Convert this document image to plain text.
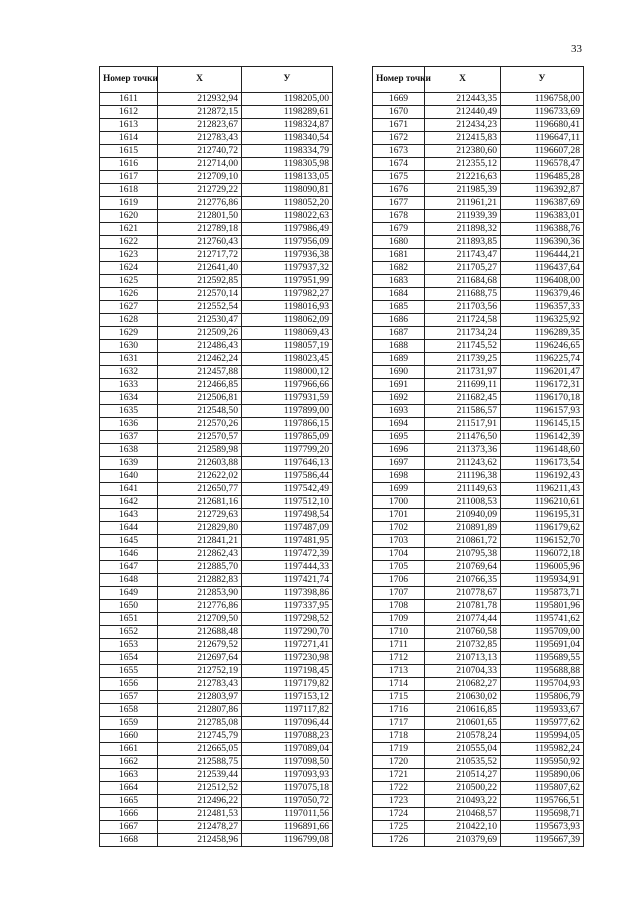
33
Номер точки	Х	У
1611	212932,94	1198205,00
1612	212872,15	1198289,61
1613	212823,67	1198324,87
1614	212783,43	1198340,54
1615	212740,72	1198334,79
1616	212714,00	1198305,98
1617	212709,10	1198133,05
1618	212729,22	1198090,81
1619	212776,86	1198052,20
1620	212801,50	1198022,63
1621	212789,18	1197986,49
1622	212760,43	1197956,09
1623	212717,72	1197936,38
1624	212641,40	1197937,32
1625	212592,85	1197951,99
1626	212570,14	1197982,27
1627	212552,54	1198016,93
1628	212530,47	1198062,09
1629	212509,26	1198069,43
1630	212486,43	1198057,19
1631	212462,24	1198023,45
1632	212457,88	1198000,12
1633	212466,85	1197966,66
1634	212506,81	1197931,59
1635	212548,50	1197899,00
1636	212570,26	1197866,15
1637	212570,57	1197865,09
1638	212589,98	1197799,20
1639	212603,88	1197646,13
1640	212622,02	1197586,44
1641	212650,77	1197542,49
1642	212681,16	1197512,10
1643	212729,63	1197498,54
1644	212829,80	1197487,09
1645	212841,21	1197481,95
1646	212862,43	1197472,39
1647	212885,70	1197444,33
1648	212882,83	1197421,74
1649	212853,90	1197398,86
1650	212776,86	1197337,95
1651	212709,50	1197298,52
1652	212688,48	1197290,70
1653	212679,52	1197271,41
1654	212697,64	1197230,98
1655	212752,19	1197198,45
1656	212783,43	1197179,82
1657	212803,97	1197153,12
1658	212807,86	1197117,82
1659	212785,08	1197096,44
1660	212745,79	1197088,23
1661	212665,05	1197089,04
1662	212588,75	1197098,50
1663	212539,44	1197093,93
1664	212512,52	1197075,18
1665	212496,22	1197050,72
1666	212481,53	1197011,56
1667	212478,27	1196891,66
1668	212458,96	1196799,08
Номер точки	Х	У
1669	212443,35	1196758,00
1670	212440,49	1196733,69
1671	212434,23	1196680,41
1672	212415,83	1196647,11
1673	212380,60	1196607,28
1674	212355,12	1196578,47
1675	212216,63	1196485,28
1676	211985,39	1196392,87
1677	211961,21	1196387,69
1678	211939,39	1196383,01
1679	211898,32	1196388,76
1680	211893,85	1196390,36
1681	211743,47	1196444,21
1682	211705,27	1196437,64
1683	211684,68	1196408,00
1684	211688,75	1196379,46
1685	211703,56	1196357,33
1686	211724,58	1196325,92
1687	211734,24	1196289,35
1688	211745,52	1196246,65
1689	211739,25	1196225,74
1690	211731,97	1196201,47
1691	211699,11	1196172,31
1692	211682,45	1196170,18
1693	211586,57	1196157,93
1694	211517,91	1196145,15
1695	211476,50	1196142,39
1696	211373,36	1196148,60
1697	211243,62	1196173,54
1698	211196,38	1196192,43
1699	211149,63	1196211,43
1700	211008,53	1196210,61
1701	210940,09	1196195,31
1702	210891,89	1196179,62
1703	210861,72	1196152,70
1704	210795,38	1196072,18
1705	210769,64	1196005,96
1706	210766,35	1195934,91
1707	210778,67	1195873,71
1708	210781,78	1195801,96
1709	210774,44	1195741,62
1710	210760,58	1195709,00
1711	210732,85	1195691,04
1712	210713,13	1195689,55
1713	210704,33	1195688,88
1714	210682,27	1195704,93
1715	210630,02	1195806,79
1716	210616,85	1195933,67
1717	210601,65	1195977,62
1718	210578,24	1195994,05
1719	210555,04	1195982,24
1720	210535,52	1195950,92
1721	210514,27	1195890,06
1722	210500,22	1195807,62
1723	210493,22	1195766,51
1724	210468,57	1195698,71
1725	210422,10	1195673,93
1726	210379,69	1195667,39
